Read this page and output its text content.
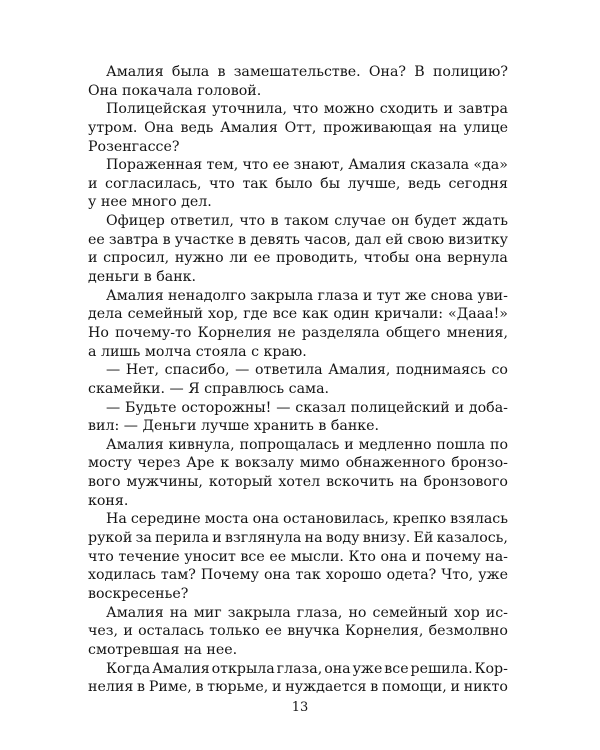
Амалия была в замешательстве. Она? В полицию?
Она покачала головой.
Полицейская уточнила, что можно сходить и завтра
утром. Она ведь Амалия Отт, проживающая на улице
Розенгассе?
Пораженная тем, что ее знают, Амалия сказала «да»
и согласилась, что так было бы лучше, ведь сегодня
у нее много дел.
Офицер ответил, что в таком случае он будет ждать
ее завтра в участке в девять часов, дал ей свою визитку
и спросил, нужно ли ее проводить, чтобы она вернула
деньги в банк.
Амалия ненадолго закрыла глаза и тут же снова уви-
дела семейный хор, где все как один кричали: «Дааа!»
Но почему-то Корнелия не разделяла общего мнения,
а лишь молча стояла с краю.
— Нет, спасибо, — ответила Амалия, поднимаясь со
скамейки. — Я справлюсь сама.
— Будьте осторожны! — сказал полицейский и доба-
вил: — Деньги лучше хранить в банке.
Амалия кивнула, попрощалась и медленно пошла по
мосту через Аре к вокзалу мимо обнаженного бронзо-
вого мужчины, который хотел вскочить на бронзового
коня.
На середине моста она остановилась, крепко взялась
рукой за перила и взглянула на воду внизу. Ей казалось,
что течение уносит все ее мысли. Кто она и почему на-
ходилась там? Почему она так хорошо одета? Что, уже
воскресенье?
Амалия на миг закрыла глаза, но семейный хор ис-
чез, и осталась только ее внучка Корнелия, безмолвно
смотревшая на нее.
Когда Амалия открыла глаза, она уже все решила. Кор-
нелия в Риме, в тюрьме, и нуждается в помощи, и никто
13
